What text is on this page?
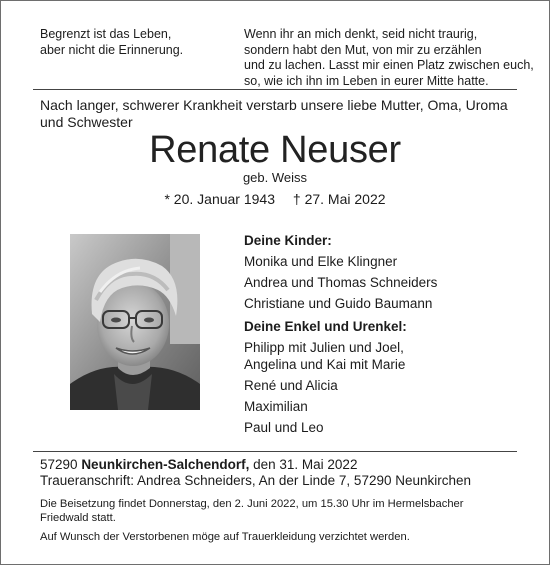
Begrenzt ist das Leben,
aber nicht die Erinnerung.
Wenn ihr an mich denkt, seid nicht traurig,
sondern habt den Mut, von mir zu erzählen
und zu lachen. Lasst mir einen Platz zwischen euch,
so, wie ich ihn im Leben in eurer Mitte hatte.
Nach langer, schwerer Krankheit verstarb unsere liebe Mutter, Oma, Uroma und Schwester
Renate Neuser
geb. Weiss
* 20. Januar 1943 † 27. Mai 2022
Deine Kinder:
Monika und Elke Klingner
Andrea und Thomas Schneiders
Christiane und Guido Baumann
Deine Enkel und Urenkel:
Philipp mit Julien und Joel,
Angelina und Kai mit Marie
René und Alicia
Maximilian
Paul und Leo
57290 Neunkirchen-Salchendorf, den 31. Mai 2022
Traueranschrift: Andrea Schneiders, An der Linde 7, 57290 Neunkirchen
Die Beisetzung findet Donnerstag, den 2. Juni 2022, um 15.30 Uhr im Hermelsbacher Friedwald statt.
Auf Wunsch der Verstorbenen möge auf Trauerkleidung verzichtet werden.
